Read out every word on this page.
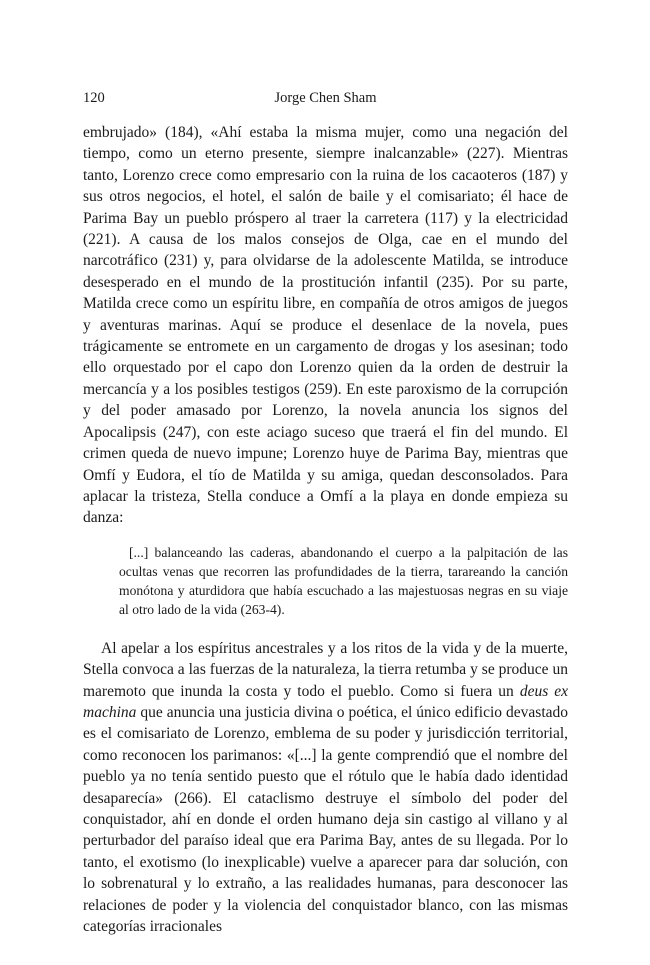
120	Jorge Chen Sham

embrujado» (184), «Ahí estaba la misma mujer, como una negación del tiempo, como un eterno presente, siempre inalcanzable» (227). Mientras tanto, Lorenzo crece como empresario con la ruina de los cacaoteros (187) y sus otros negocios, el hotel, el salón de baile y el comisariato; él hace de Parima Bay un pueblo próspero al traer la carretera (117) y la electricidad (221). A causa de los malos consejos de Olga, cae en el mundo del narcotráfico (231) y, para olvidarse de la adolescente Matilda, se introduce desesperado en el mundo de la prostitución infantil (235). Por su parte, Matilda crece como un espíritu libre, en compañía de otros amigos de juegos y aventuras marinas. Aquí se produce el desenlace de la novela, pues trágicamente se entromete en un cargamento de drogas y los asesinan; todo ello orquestado por el capo don Lorenzo quien da la orden de destruir la mercancía y a los posibles testigos (259). En este paroxismo de la corrupción y del poder amasado por Lorenzo, la novela anuncia los signos del Apocalipsis (247), con este aciago suceso que traerá el fin del mundo. El crimen queda de nuevo impune; Lorenzo huye de Parima Bay, mientras que Omfí y Eudora, el tío de Matilda y su amiga, quedan desconsolados. Para aplacar la tristeza, Stella conduce a Omfí a la playa en donde empieza su danza:

[...] balanceando las caderas, abandonando el cuerpo a la palpitación de las ocultas venas que recorren las profundidades de la tierra, tarareando la canción monótona y aturdidora que había escuchado a las majestuosas negras en su viaje al otro lado de la vida (263-4).

Al apelar a los espíritus ancestrales y a los ritos de la vida y de la muerte, Stella convoca a las fuerzas de la naturaleza, la tierra retumba y se produce un maremoto que inunda la costa y todo el pueblo. Como si fuera un deus ex machina que anuncia una justicia divina o poética, el único edificio devastado es el comisariato de Lorenzo, emblema de su poder y jurisdicción territorial, como reconocen los parimanos: «[...] la gente comprendió que el nombre del pueblo ya no tenía sentido puesto que el rótulo que le había dado identidad desaparecía» (266). El cataclismo destruye el símbolo del poder del conquistador, ahí en donde el orden humano deja sin castigo al villano y al perturbador del paraíso ideal que era Parima Bay, antes de su llegada. Por lo tanto, el exotismo (lo inexplicable) vuelve a aparecer para dar solución, con lo sobrenatural y lo extraño, a las realidades humanas, para desconocer las relaciones de poder y la violencia del conquistador blanco, con las mismas categorías irracionales
